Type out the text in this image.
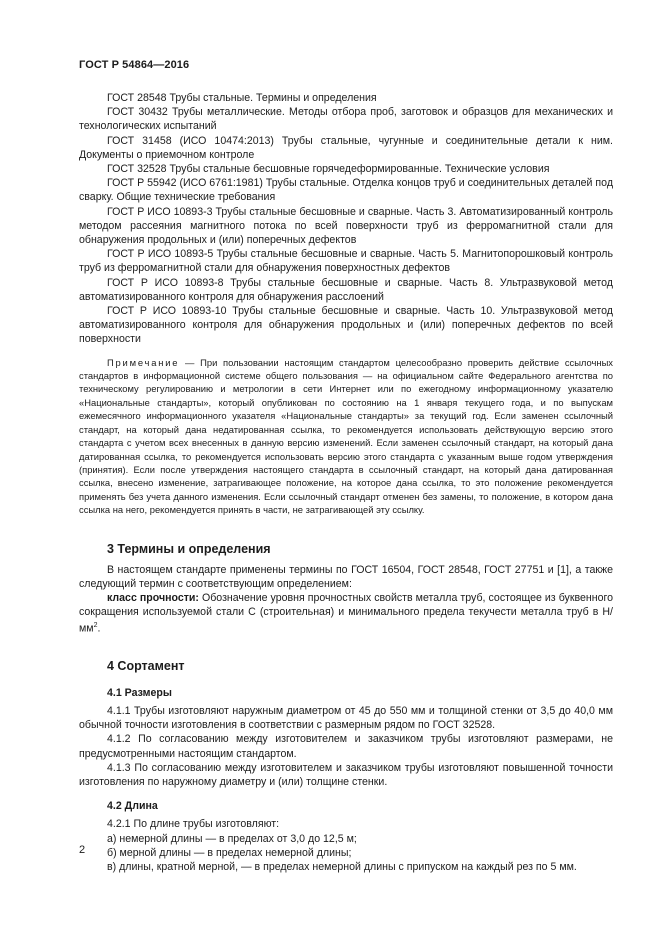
ГОСТ Р 54864—2016

ГОСТ 28548 Трубы стальные. Термины и определения

ГОСТ 30432 Трубы металлические. Методы отбора проб, заготовок и образцов для механических и технологических испытаний

ГОСТ 31458 (ИСО 10474:2013) Трубы стальные, чугунные и соединительные детали к ним. Документы о приемочном контроле

ГОСТ 32528 Трубы стальные бесшовные горячедеформированные. Технические условия

ГОСТ Р 55942 (ИСО 6761:1981) Трубы стальные. Отделка концов труб и соединительных деталей под сварку. Общие технические требования

ГОСТ Р ИСО 10893-3 Трубы стальные бесшовные и сварные. Часть 3. Автоматизированный контроль методом рассеяния магнитного потока по всей поверхности труб из ферромагнитной стали для обнаружения продольных и (или) поперечных дефектов

ГОСТ Р ИСО 10893-5 Трубы стальные бесшовные и сварные. Часть 5. Магнитопорошковый контроль труб из ферромагнитной стали для обнаружения поверхностных дефектов

ГОСТ Р ИСО 10893-8 Трубы стальные бесшовные и сварные. Часть 8. Ультразвуковой метод автоматизированного контроля для обнаружения расслоений

ГОСТ Р ИСО 10893-10 Трубы стальные бесшовные и сварные. Часть 10. Ультразвуковой метод автоматизированного контроля для обнаружения продольных и (или) поперечных дефектов по всей поверхности

Примечание — При пользовании настоящим стандартом целесообразно проверить действие ссылочных стандартов в информационной системе общего пользования — на официальном сайте Федерального агентства по техническому регулированию и метрологии в сети Интернет или по ежегодному информационному указателю «Национальные стандарты», который опубликован по состоянию на 1 января текущего года, и по выпускам ежемесячного информационного указателя «Национальные стандарты» за текущий год. Если заменен ссылочный стандарт, на который дана недатированная ссылка, то рекомендуется использовать действующую версию этого стандарта с учетом всех внесенных в данную версию изменений. Если заменен ссылочный стандарт, на который дана датированная ссылка, то рекомендуется использовать версию этого стандарта с указанным выше годом утверждения (принятия). Если после утверждения настоящего стандарта в ссылочный стандарт, на который дана датированная ссылка, внесено изменение, затрагивающее положение, на которое дана ссылка, то это положение рекомендуется применять без учета данного изменения. Если ссылочный стандарт отменен без замены, то положение, в котором дана ссылка на него, рекомендуется принять в части, не затрагивающей эту ссылку.
3 Термины и определения

В настоящем стандарте применены термины по ГОСТ 16504, ГОСТ 28548, ГОСТ 27751 и [1], а также следующий термин с соответствующим определением:

класс прочности: Обозначение уровня прочностных свойств металла труб, состоящее из буквенного сокращения используемой стали С (строительная) и минимального предела текучести металла труб в $Н/мм^2$.

4 Сортамент
4.1 Размеры

4.1.1 Трубы изготовляют наружным диаметром от 45 до 550 мм и толщиной стенки от 3,5 до 40,0 мм обычной точности изготовления в соответствии с размерным рядом по ГОСТ 32528.

4.1.2 По согласованию между изготовителем и заказчиком трубы изготовляют размерами, не предусмотренными настоящим стандартом.

4.1.3 По согласованию между изготовителем и заказчиком трубы изготовляют повышенной точности изготовления по наружному диаметру и (или) толщине стенки.

4.2 Длина

4.2.1 По длине трубы изготовляют:

а) немерной длины — в пределах от 3,0 до 12,5 м;

б) мерной длины — в пределах немерной длины;

в) длины, кратной мерной, — в пределах немерной длины с припуском на каждый рез по 5 мм.

2
